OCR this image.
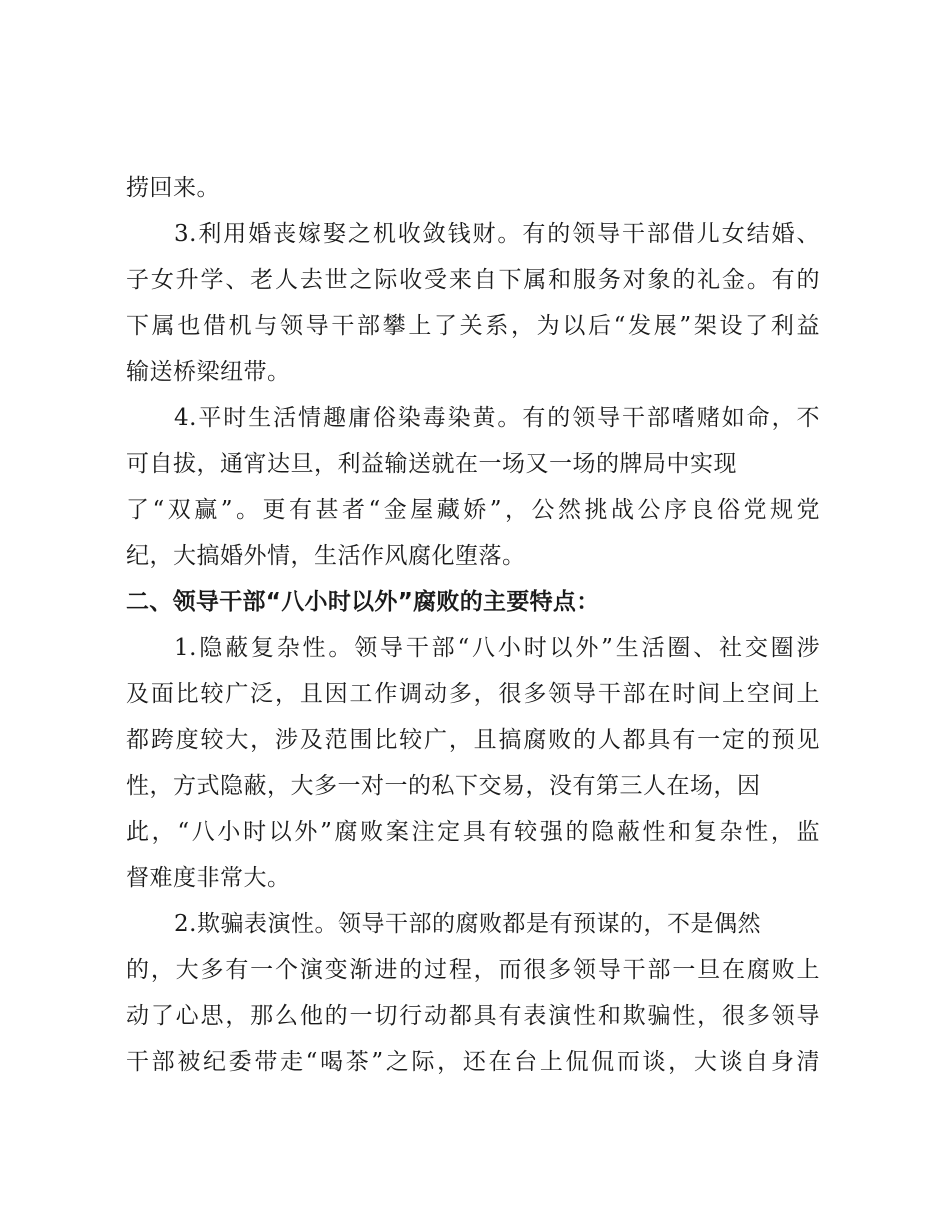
捞回来。
3.利用婚丧嫁娶之机收敛钱财。有的领导干部借儿女结婚、
子女升学、老人去世之际收受来自下属和服务对象的礼金。有的
下属也借机与领导干部攀上了关系，为以后“发展”架设了利益
输送桥梁纽带。
4.平时生活情趣庸俗染毒染黄。有的领导干部嗜赌如命，不
可自拔，通宵达旦，利益输送就在一场又一场的牌局中实现
了“双赢”。更有甚者“金屋藏娇”，公然挑战公序良俗党规党
纪，大搞婚外情，生活作风腐化堕落。
二、领导干部“八小时以外”腐败的主要特点：
1.隐蔽复杂性。领导干部“八小时以外”生活圈、社交圈涉
及面比较广泛，且因工作调动多，很多领导干部在时间上空间上
都跨度较大，涉及范围比较广，且搞腐败的人都具有一定的预见
性，方式隐蔽，大多一对一的私下交易，没有第三人在场，因
此，“八小时以外”腐败案注定具有较强的隐蔽性和复杂性，监
督难度非常大。
2.欺骗表演性。领导干部的腐败都是有预谋的，不是偶然
的，大多有一个演变渐进的过程，而很多领导干部一旦在腐败上
动了心思，那么他的一切行动都具有表演性和欺骗性，很多领导
干部被纪委带走“喝茶”之际，还在台上侃侃而谈，大谈自身清
